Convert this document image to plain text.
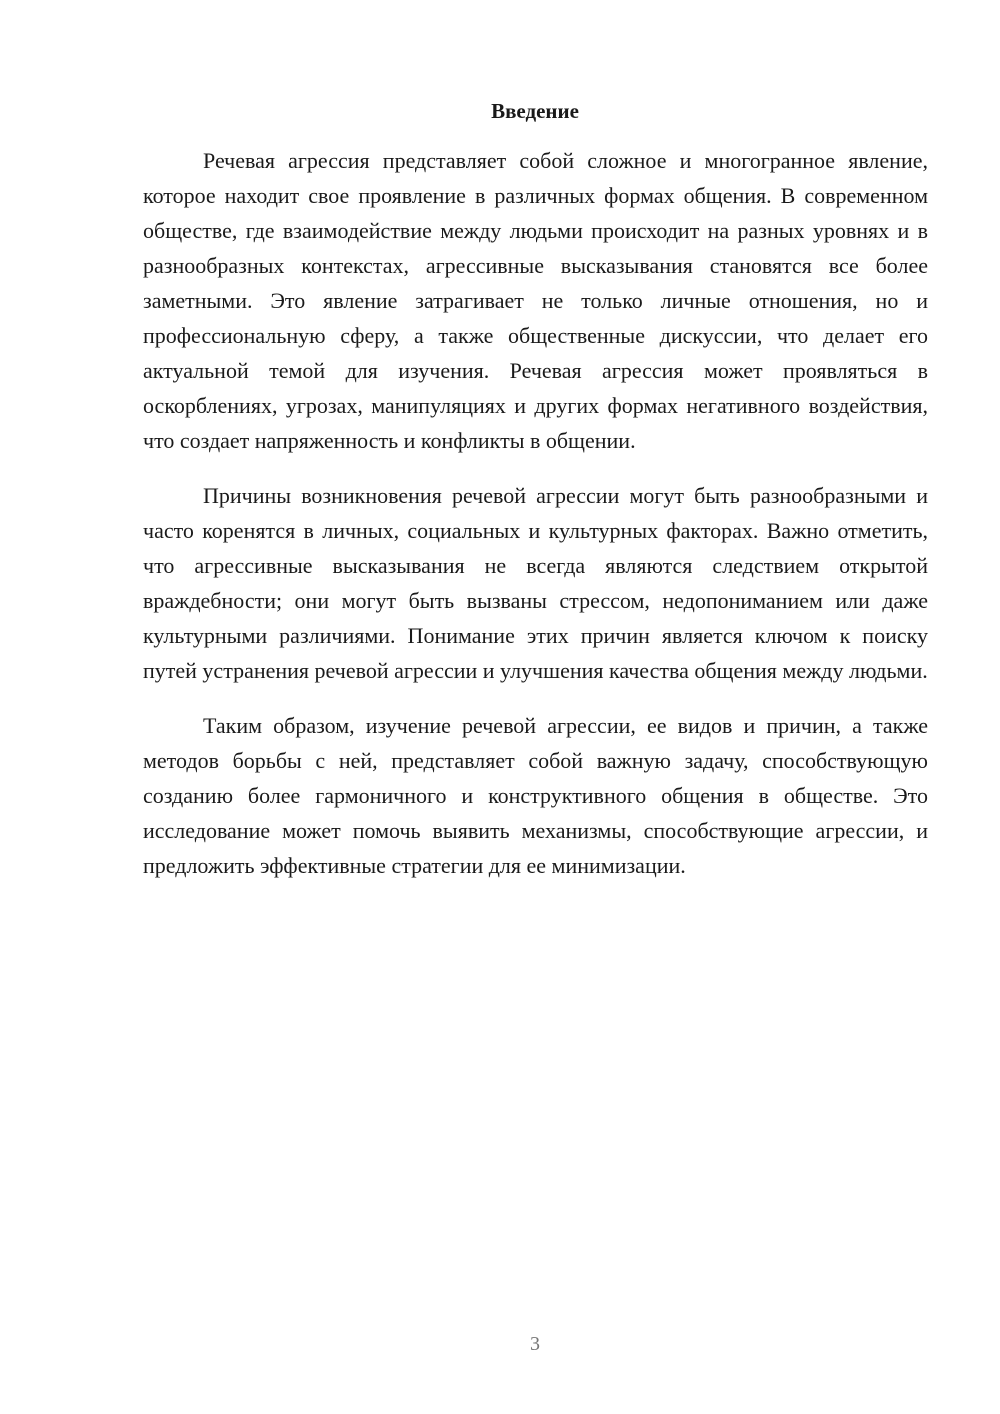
Введение

Речевая агрессия представляет собой сложное и многогранное явление, которое находит свое проявление в различных формах общения. В современном обществе, где взаимодействие между людьми происходит на разных уровнях и в разнообразных контекстах, агрессивные высказывания становятся все более заметными. Это явление затрагивает не только личные отношения, но и профессиональную сферу, а также общественные дискуссии, что делает его актуальной темой для изучения. Речевая агрессия может проявляться в оскорблениях, угрозах, манипуляциях и других формах негативного воздействия, что создает напряженность и конфликты в общении.

Причины возникновения речевой агрессии могут быть разнообразными и часто коренятся в личных, социальных и культурных факторах. Важно отметить, что агрессивные высказывания не всегда являются следствием открытой враждебности; они могут быть вызваны стрессом, недопониманием или даже культурными различиями. Понимание этих причин является ключом к поиску путей устранения речевой агрессии и улучшения качества общения между людьми.

Таким образом, изучение речевой агрессии, ее видов и причин, а также методов борьбы с ней, представляет собой важную задачу, способствующую созданию более гармоничного и конструктивного общения в обществе. Это исследование может помочь выявить механизмы, способствующие агрессии, и предложить эффективные стратегии для ее минимизации.

3
